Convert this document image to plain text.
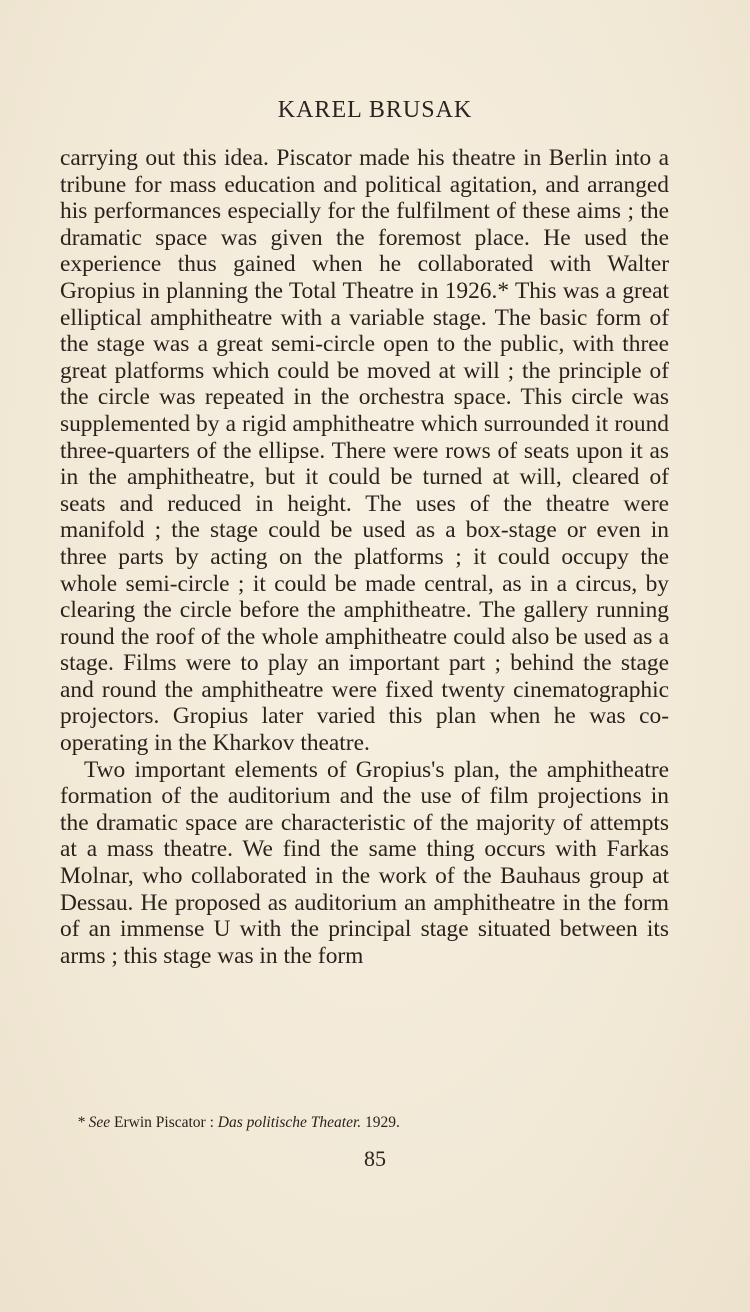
KAREL BRUSAK

carrying out this idea. Piscator made his theatre in Berlin into a tribune for mass education and political agitation, and arranged his performances especially for the fulfilment of these aims ; the dramatic space was given the foremost place. He used the experience thus gained when he collaborated with Walter Gropius in planning the Total Theatre in 1926.* This was a great elliptical amphitheatre with a variable stage. The basic form of the stage was a great semi-circle open to the public, with three great platforms which could be moved at will ; the principle of the circle was repeated in the orchestra space. This circle was supplemented by a rigid amphitheatre which surrounded it round three-quarters of the ellipse. There were rows of seats upon it as in the amphitheatre, but it could be turned at will, cleared of seats and reduced in height. The uses of the theatre were manifold ; the stage could be used as a box-stage or even in three parts by acting on the platforms ; it could occupy the whole semi-circle ; it could be made central, as in a circus, by clearing the circle before the amphitheatre. The gallery running round the roof of the whole amphitheatre could also be used as a stage. Films were to play an important part ; behind the stage and round the amphitheatre were fixed twenty cinematographic projectors. Gropius later varied this plan when he was co-operating in the Kharkov theatre.

Two important elements of Gropius's plan, the amphitheatre formation of the auditorium and the use of film projections in the dramatic space are characteristic of the majority of attempts at a mass theatre. We find the same thing occurs with Farkas Molnar, who collaborated in the work of the Bauhaus group at Dessau. He proposed as auditorium an amphitheatre in the form of an immense U with the principal stage situated between its arms ; this stage was in the form

* See Erwin Piscator : Das politische Theater. 1929.
85
